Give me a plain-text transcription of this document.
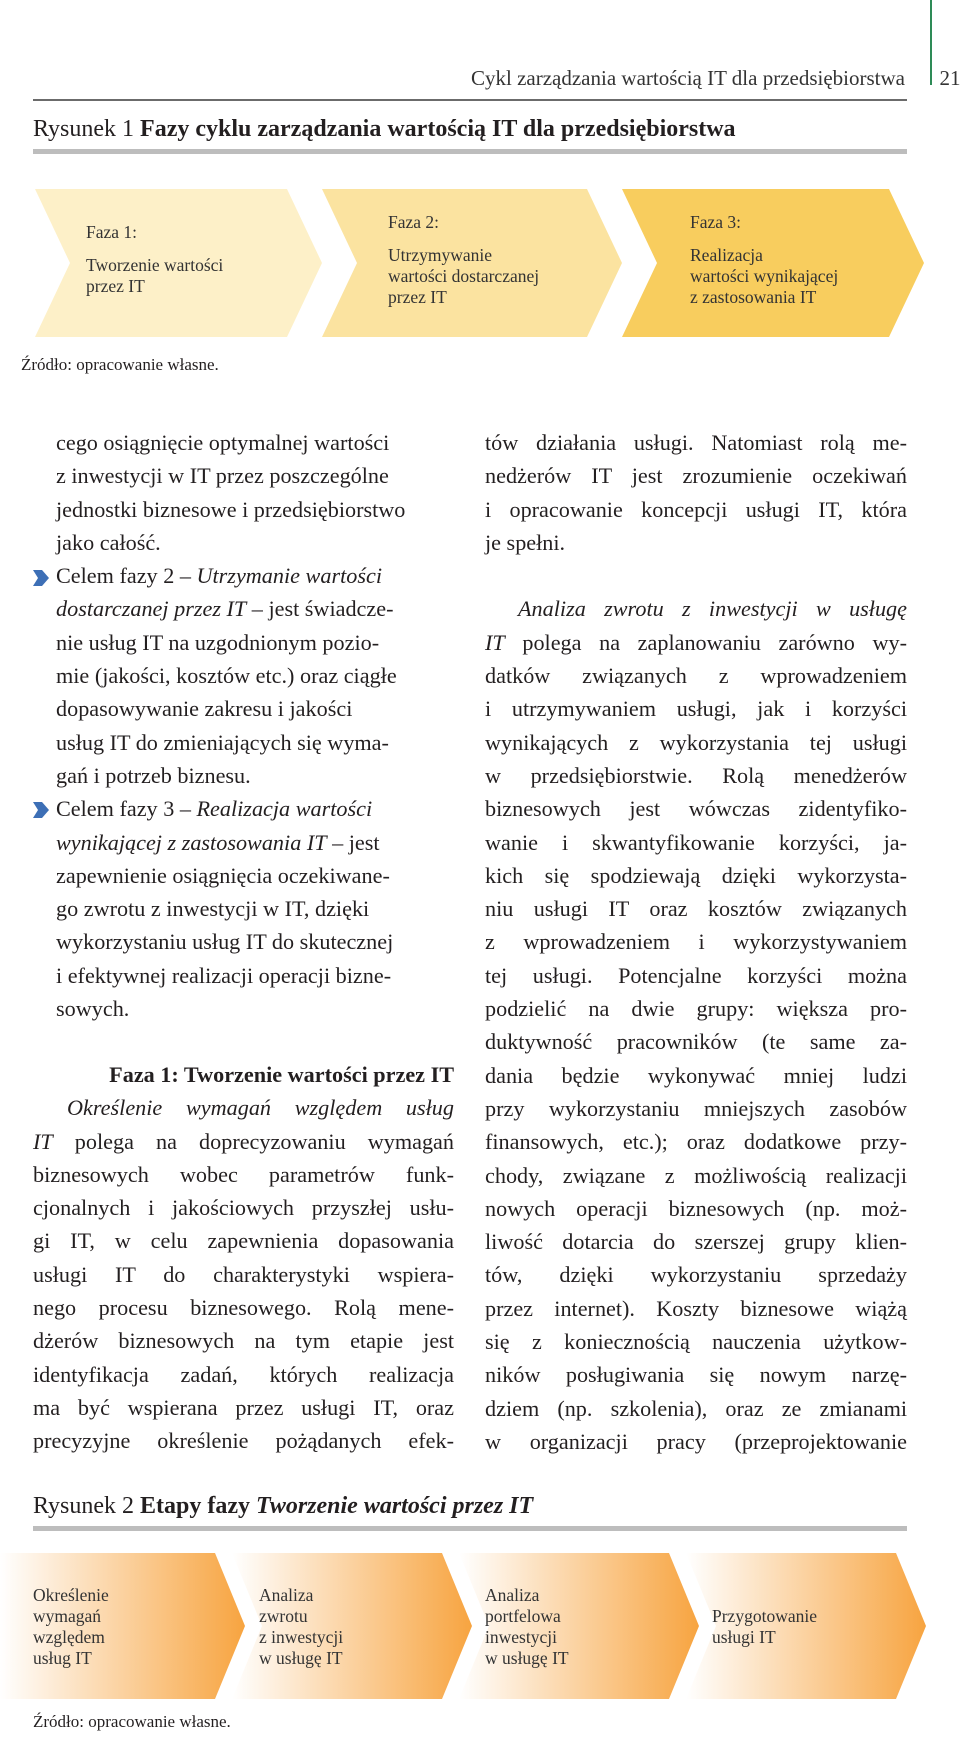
Cykl zarządzania wartością IT dla przedsiębiorstwa 21
Rysunek 1 Fazy cyklu zarządzania wartością IT dla przedsiębiorstwa
Faza 1:
Tworzenie wartości
przez IT
Faza 2:
Utrzymywanie
wartości dostarczanej
przez IT
Faza 3:
Realizacja
wartości wynikającej
z zastosowania IT
Źródło: opracowanie własne.
cego osiągnięcie optymalnej wartości
z inwestycji w IT przez poszczególne
jednostki biznesowe i przedsiębiorstwo
jako całość.
Celem fazy 2 – Utrzymanie wartości
dostarczanej przez IT – jest świadcze-
nie usług IT na uzgodnionym pozio-
mie (jakości, kosztów etc.) oraz ciągłe
dopasowywanie zakresu i jakości
usług IT do zmieniających się wyma-
gań i potrzeb biznesu.
Celem fazy 3 – Realizacja wartości
wynikającej z zastosowania IT – jest
zapewnienie osiągnięcia oczekiwane-
go zwrotu z inwestycji w IT, dzięki
wykorzystaniu usług IT do skutecznej
i efektywnej realizacji operacji bizne-
sowych.
Faza 1: Tworzenie wartości przez IT
Określenie wymagań względem usług
IT polega na doprecyzowaniu wymagań
biznesowych wobec parametrów funk-
cjonalnych i jakościowych przyszłej usłu-
gi IT, w celu zapewnienia dopasowania
usługi IT do charakterystyki wspiera-
nego procesu biznesowego. Rolą mene-
dżerów biznesowych na tym etapie jest
identyfikacja zadań, których realizacja
ma być wspierana przez usługi IT, oraz
precyzyjne określenie pożądanych efek-
tów działania usługi. Natomiast rolą me-
nedżerów IT jest zrozumienie oczekiwań
i opracowanie koncepcji usługi IT, która
je spełni.
Analiza zwrotu z inwestycji w usługę
IT polega na zaplanowaniu zarówno wy-
datków związanych z wprowadzeniem
i utrzymywaniem usługi, jak i korzyści
wynikających z wykorzystania tej usługi
w przedsiębiorstwie. Rolą menedżerów
biznesowych jest wówczas zidentyfiko-
wanie i skwantyfikowanie korzyści, ja-
kich się spodziewają dzięki wykorzysta-
niu usługi IT oraz kosztów związanych
z wprowadzeniem i wykorzystywaniem
tej usługi. Potencjalne korzyści można
podzielić na dwie grupy: większa pro-
duktywność pracowników (te same za-
dania będzie wykonywać mniej ludzi
przy wykorzystaniu mniejszych zasobów
finansowych, etc.); oraz dodatkowe przy-
chody, związane z możliwością realizacji
nowych operacji biznesowych (np. moż-
liwość dotarcia do szerszej grupy klien-
tów, dzięki wykorzystaniu sprzedaży
przez internet). Koszty biznesowe wiążą
się z koniecznością nauczenia użytkow-
ników posługiwania się nowym narzę-
dziem (np. szkolenia), oraz ze zmianami
w organizacji pracy (przeprojektowanie
Rysunek 2 Etapy fazy Tworzenie wartości przez IT
Określenie
wymagań
względem
usług IT
Analiza
zwrotu
z inwestycji
w usługę IT
Analiza
portfelowa
inwestycji
w usługę IT
Przygotowanie
usługi IT
Źródło: opracowanie własne.
